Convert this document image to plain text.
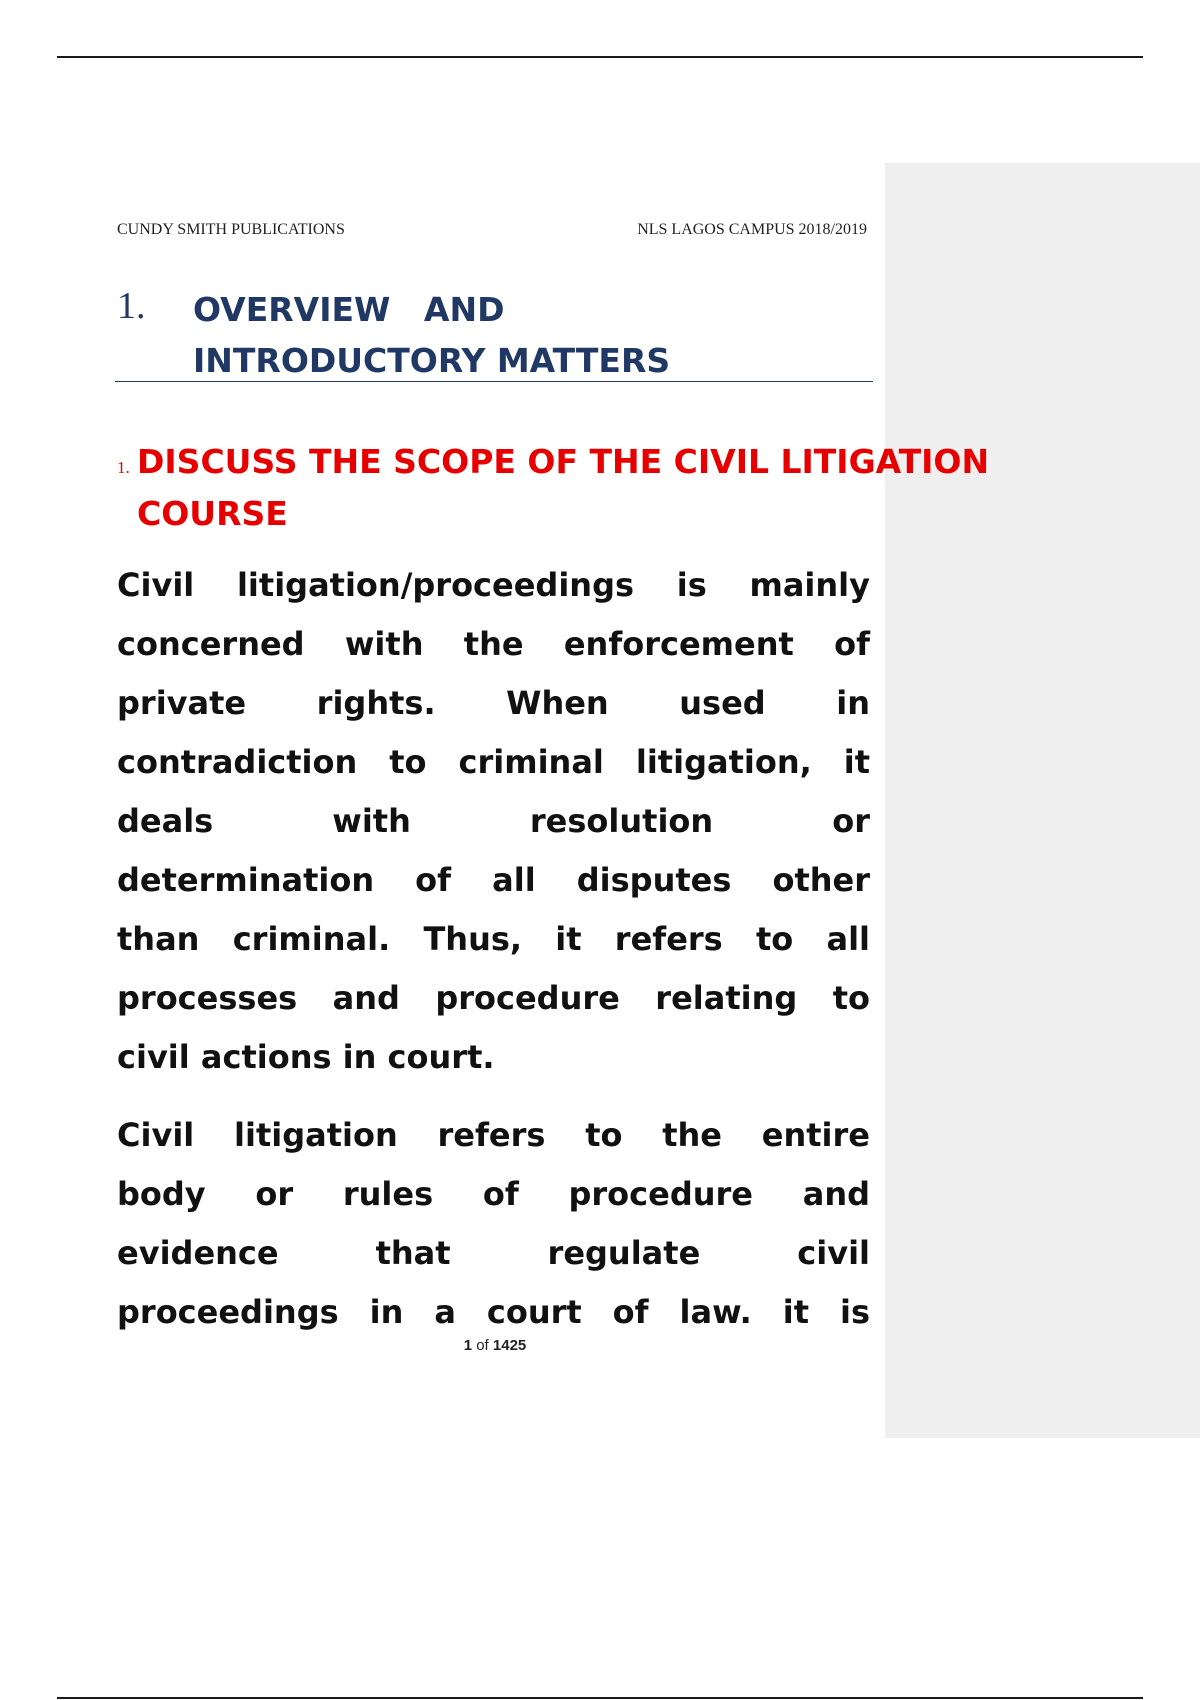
CUNDY SMITH PUBLICATIONS	NLS LAGOS CAMPUS 2018/2019
1. OVERVIEW AND
INTRODUCTORY MATTERS
1. DISCUSS THE SCOPE OF THE CIVIL LITIGATION
COURSE
Civil litigation/proceedings is mainly
concerned with the enforcement of
private rights. When used in
contradiction to criminal litigation, it
deals with resolution or
determination of all disputes other
than criminal. Thus, it refers to all
processes and procedure relating to
civil actions in court.
Civil litigation refers to the entire
body or rules of procedure and
evidence that regulate civil
proceedings in a court of law. it is
1 of 1425
